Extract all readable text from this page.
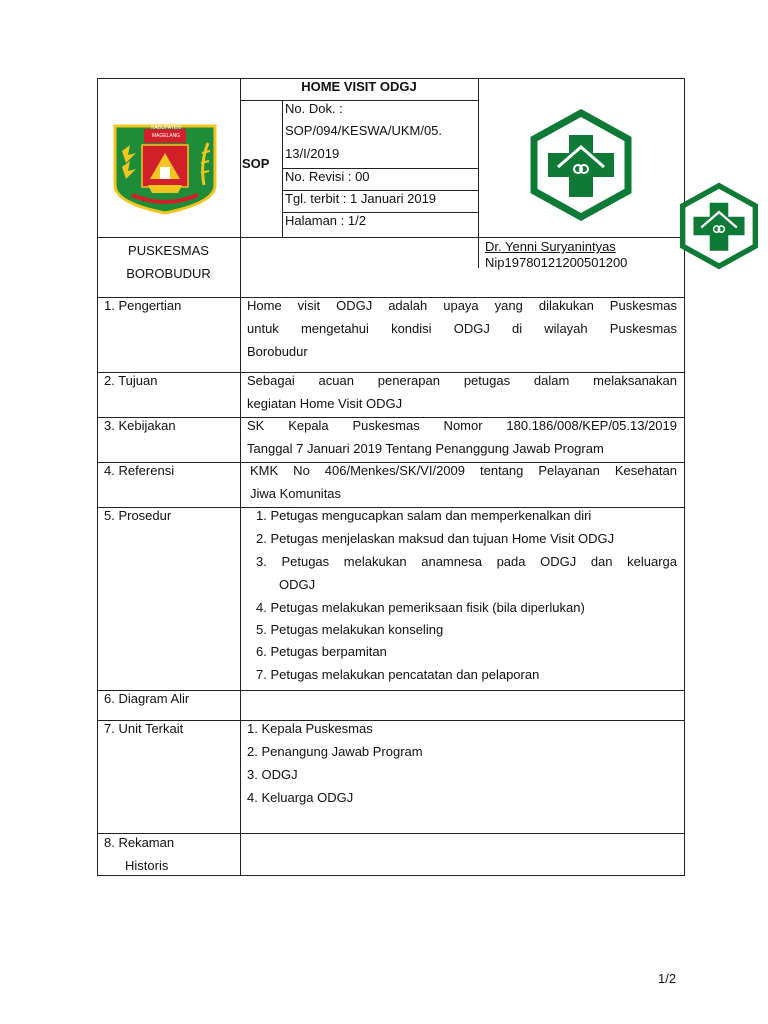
KABUPATEN MAGELANG
HOME VISIT ODGJ
SOP
No. Dok. :
SOP/094/KESWA/UKM/05.
13/I/2019
No. Revisi : 00
Tgl. terbit : 1 Januari 2019
Halaman : 1/2
PUSKESMAS
BOROBUDUR
Dr. Yenni Suryanintyas
Nip19780121200501200
1. Pengertian
2. Tujuan
3. Kebijakan
4. Referensi
5. Prosedur
6. Diagram Alir
7. Unit Terkait
8. Rekaman
Historis
Home visit ODGJ adalah upaya yang dilakukan Puskesmas
untuk mengetahui kondisi ODGJ di wilayah Puskesmas
Borobudur
Sebagai acuan penerapan petugas dalam melaksanakan
kegiatan Home Visit ODGJ
SK Kepala Puskesmas Nomor 180.186/008/KEP/05.13/2019
Tanggal 7 Januari 2019 Tentang Penanggung Jawab Program
KMK No 406/Menkes/SK/VI/2009 tentang Pelayanan Kesehatan
Jiwa Komunitas
1. Petugas mengucapkan salam dan memperkenalkan diri
2. Petugas menjelaskan maksud dan tujuan Home Visit ODGJ
3. Petugas melakukan anamnesa pada ODGJ dan keluarga
ODGJ
4. Petugas melakukan pemeriksaan fisik (bila diperlukan)
5. Petugas melakukan konseling
6. Petugas berpamitan
7. Petugas melakukan pencatatan dan pelaporan
1. Kepala Puskesmas
2. Penangung Jawab Program
3. ODGJ
4. Keluarga ODGJ
1/2
